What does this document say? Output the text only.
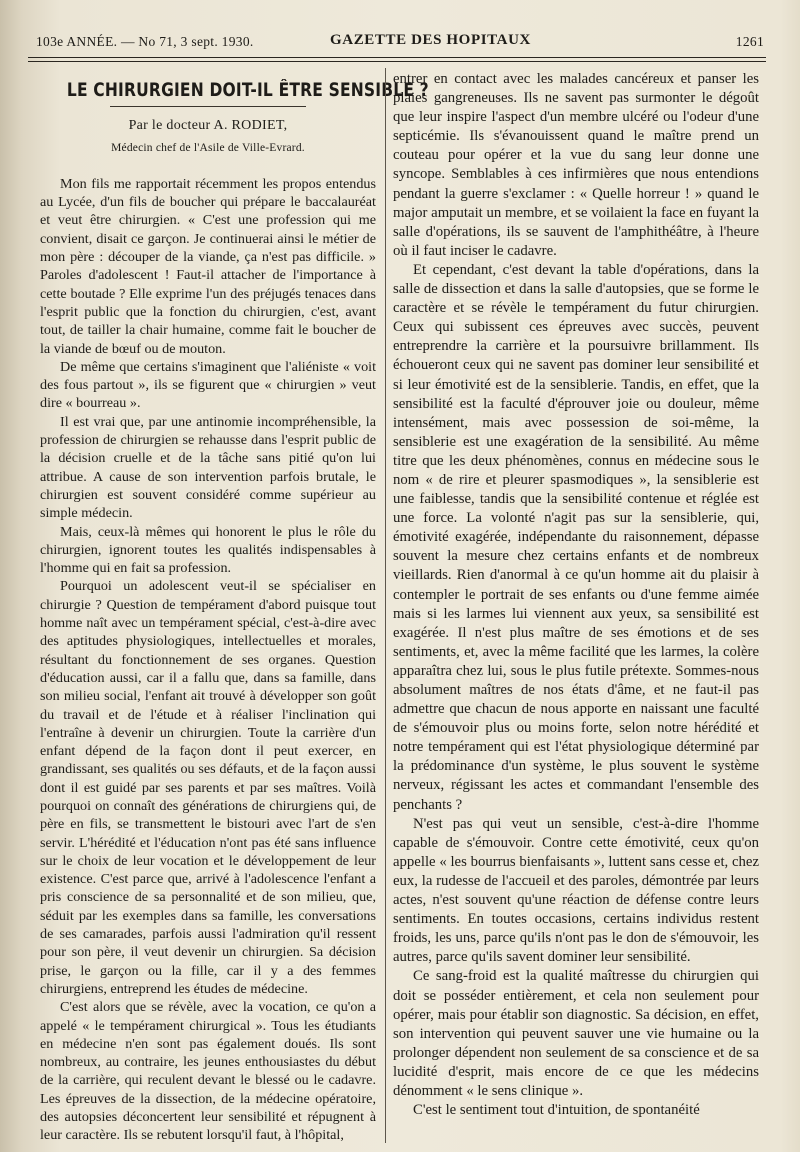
103e ANNÉE. — No 71, 3 sept. 1930.	GAZETTE DES HOPITAUX	1261
LE CHIRURGIEN DOIT-IL ÊTRE SENSIBLE ?
Par le docteur A. RODIET,
Médecin chef de l'Asile de Ville-Evrard.

Mon fils me rapportait récemment les propos entendus au Lycée, d'un fils de boucher qui prépare le baccalauréat et veut être chirurgien. « C'est une profession qui me convient, disait ce garçon. Je continuerai ainsi le métier de mon père : découper de la viande, ça n'est pas difficile. » Paroles d'adolescent ! Faut-il attacher de l'importance à cette boutade ? Elle exprime l'un des préjugés tenaces dans l'esprit public que la fonction du chirurgien, c'est, avant tout, de tailler la chair humaine, comme fait le boucher de la viande de bœuf ou de mouton.

De même que certains s'imaginent que l'aliéniste « voit des fous partout », ils se figurent que « chirurgien » veut dire « bourreau ».

Il est vrai que, par une antinomie incompréhensible, la profession de chirurgien se rehausse dans l'esprit public de la décision cruelle et de la tâche sans pitié qu'on lui attribue. A cause de son intervention parfois brutale, le chirurgien est souvent considéré comme supérieur au simple médecin.

Mais, ceux-là mêmes qui honorent le plus le rôle du chirurgien, ignorent toutes les qualités indispensables à l'homme qui en fait sa profession.

Pourquoi un adolescent veut-il se spécialiser en chirurgie ? Question de tempérament d'abord puisque tout homme naît avec un tempérament spécial, c'est-à-dire avec des aptitudes physiologiques, intellectuelles et morales, résultant du fonctionnement de ses organes. Question d'éducation aussi, car il a fallu que, dans sa famille, dans son milieu social, l'enfant ait trouvé à développer son goût du travail et de l'étude et à réaliser l'inclination qui l'entraîne à devenir un chirurgien. Toute la carrière d'un enfant dépend de la façon dont il peut exercer, en grandissant, ses qualités ou ses défauts, et de la façon aussi dont il est guidé par ses parents et par ses maîtres. Voilà pourquoi on connaît des générations de chirurgiens qui, de père en fils, se transmettent le bistouri avec l'art de s'en servir. L'hérédité et l'éducation n'ont pas été sans influence sur le choix de leur vocation et le développement de leur existence. C'est parce que, arrivé à l'adolescence l'enfant a pris conscience de sa personnalité et de son milieu, que, séduit par les exemples dans sa famille, les conversations de ses camarades, parfois aussi l'admiration qu'il ressent pour son père, il veut devenir un chirurgien. Sa décision prise, le garçon ou la fille, car il y a des femmes chirurgiens, entreprend les études de médecine.

C'est alors que se révèle, avec la vocation, ce qu'on a appelé « le tempérament chirurgical ». Tous les étudiants en médecine n'en sont pas également doués. Ils sont nombreux, au contraire, les jeunes enthousiastes du début de la carrière, qui reculent devant le blessé ou le cadavre. Les épreuves de la dissection, de la médecine opératoire, des autopsies déconcertent leur sensibilité et répugnent à leur caractère. Ils se rebutent lorsqu'il faut, à l'hôpital,

entrer en contact avec les malades cancéreux et panser les plaies gangreneuses. Ils ne savent pas surmonter le dégoût que leur inspire l'aspect d'un membre ulcéré ou l'odeur d'une septicémie. Ils s'évanouissent quand le maître prend un couteau pour opérer et la vue du sang leur donne une syncope. Semblables à ces infirmières que nous entendions pendant la guerre s'exclamer : « Quelle horreur ! » quand le major amputait un membre, et se voilaient la face en fuyant la salle d'opérations, ils se sauvent de l'amphithéâtre, à l'heure où il faut inciser le cadavre.

Et cependant, c'est devant la table d'opérations, dans la salle de dissection et dans la salle d'autopsies, que se forme le caractère et se révèle le tempérament du futur chirurgien. Ceux qui subissent ces épreuves avec succès, peuvent entreprendre la carrière et la poursuivre brillamment. Ils échoueront ceux qui ne savent pas dominer leur sensibilité et si leur émotivité est de la sensiblerie. Tandis, en effet, que la sensibilité est la faculté d'éprouver joie ou douleur, même intensément, mais avec possession de soi-même, la sensiblerie est une exagération de la sensibilité. Au même titre que les deux phénomènes, connus en médecine sous le nom « de rire et pleurer spasmodiques », la sensiblerie est une faiblesse, tandis que la sensibilité contenue et réglée est une force. La volonté n'agit pas sur la sensiblerie, qui, émotivité exagérée, indépendante du raisonnement, dépasse souvent la mesure chez certains enfants et de nombreux vieillards. Rien d'anormal à ce qu'un homme ait du plaisir à contempler le portrait de ses enfants ou d'une femme aimée mais si les larmes lui viennent aux yeux, sa sensibilité est exagérée. Il n'est plus maître de ses émotions et de ses sentiments, et, avec la même facilité que les larmes, la colère apparaîtra chez lui, sous le plus futile prétexte. Sommes-nous absolument maîtres de nos états d'âme, et ne faut-il pas admettre que chacun de nous apporte en naissant une faculté de s'émouvoir plus ou moins forte, selon notre hérédité et notre tempérament qui est l'état physiologique déterminé par la prédominance d'un système, le plus souvent le système nerveux, régissant les actes et commandant l'ensemble des penchants ?

N'est pas qui veut un sensible, c'est-à-dire l'homme capable de s'émouvoir. Contre cette émotivité, ceux qu'on appelle « les bourrus bienfaisants », luttent sans cesse et, chez eux, la rudesse de l'accueil et des paroles, démontrée par leurs actes, n'est souvent qu'une réaction de défense contre leurs sentiments. En toutes occasions, certains individus restent froids, les uns, parce qu'ils n'ont pas le don de s'émouvoir, les autres, parce qu'ils savent dominer leur sensibilité.

Ce sang-froid est la qualité maîtresse du chirurgien qui doit se posséder entièrement, et cela non seulement pour opérer, mais pour établir son diagnostic. Sa décision, en effet, son intervention qui peuvent sauver une vie humaine ou la prolonger dépendent non seulement de sa conscience et de sa lucidité d'esprit, mais encore de ce que les médecins dénomment « le sens clinique ».

C'est le sentiment tout d'intuition, de spontanéité
